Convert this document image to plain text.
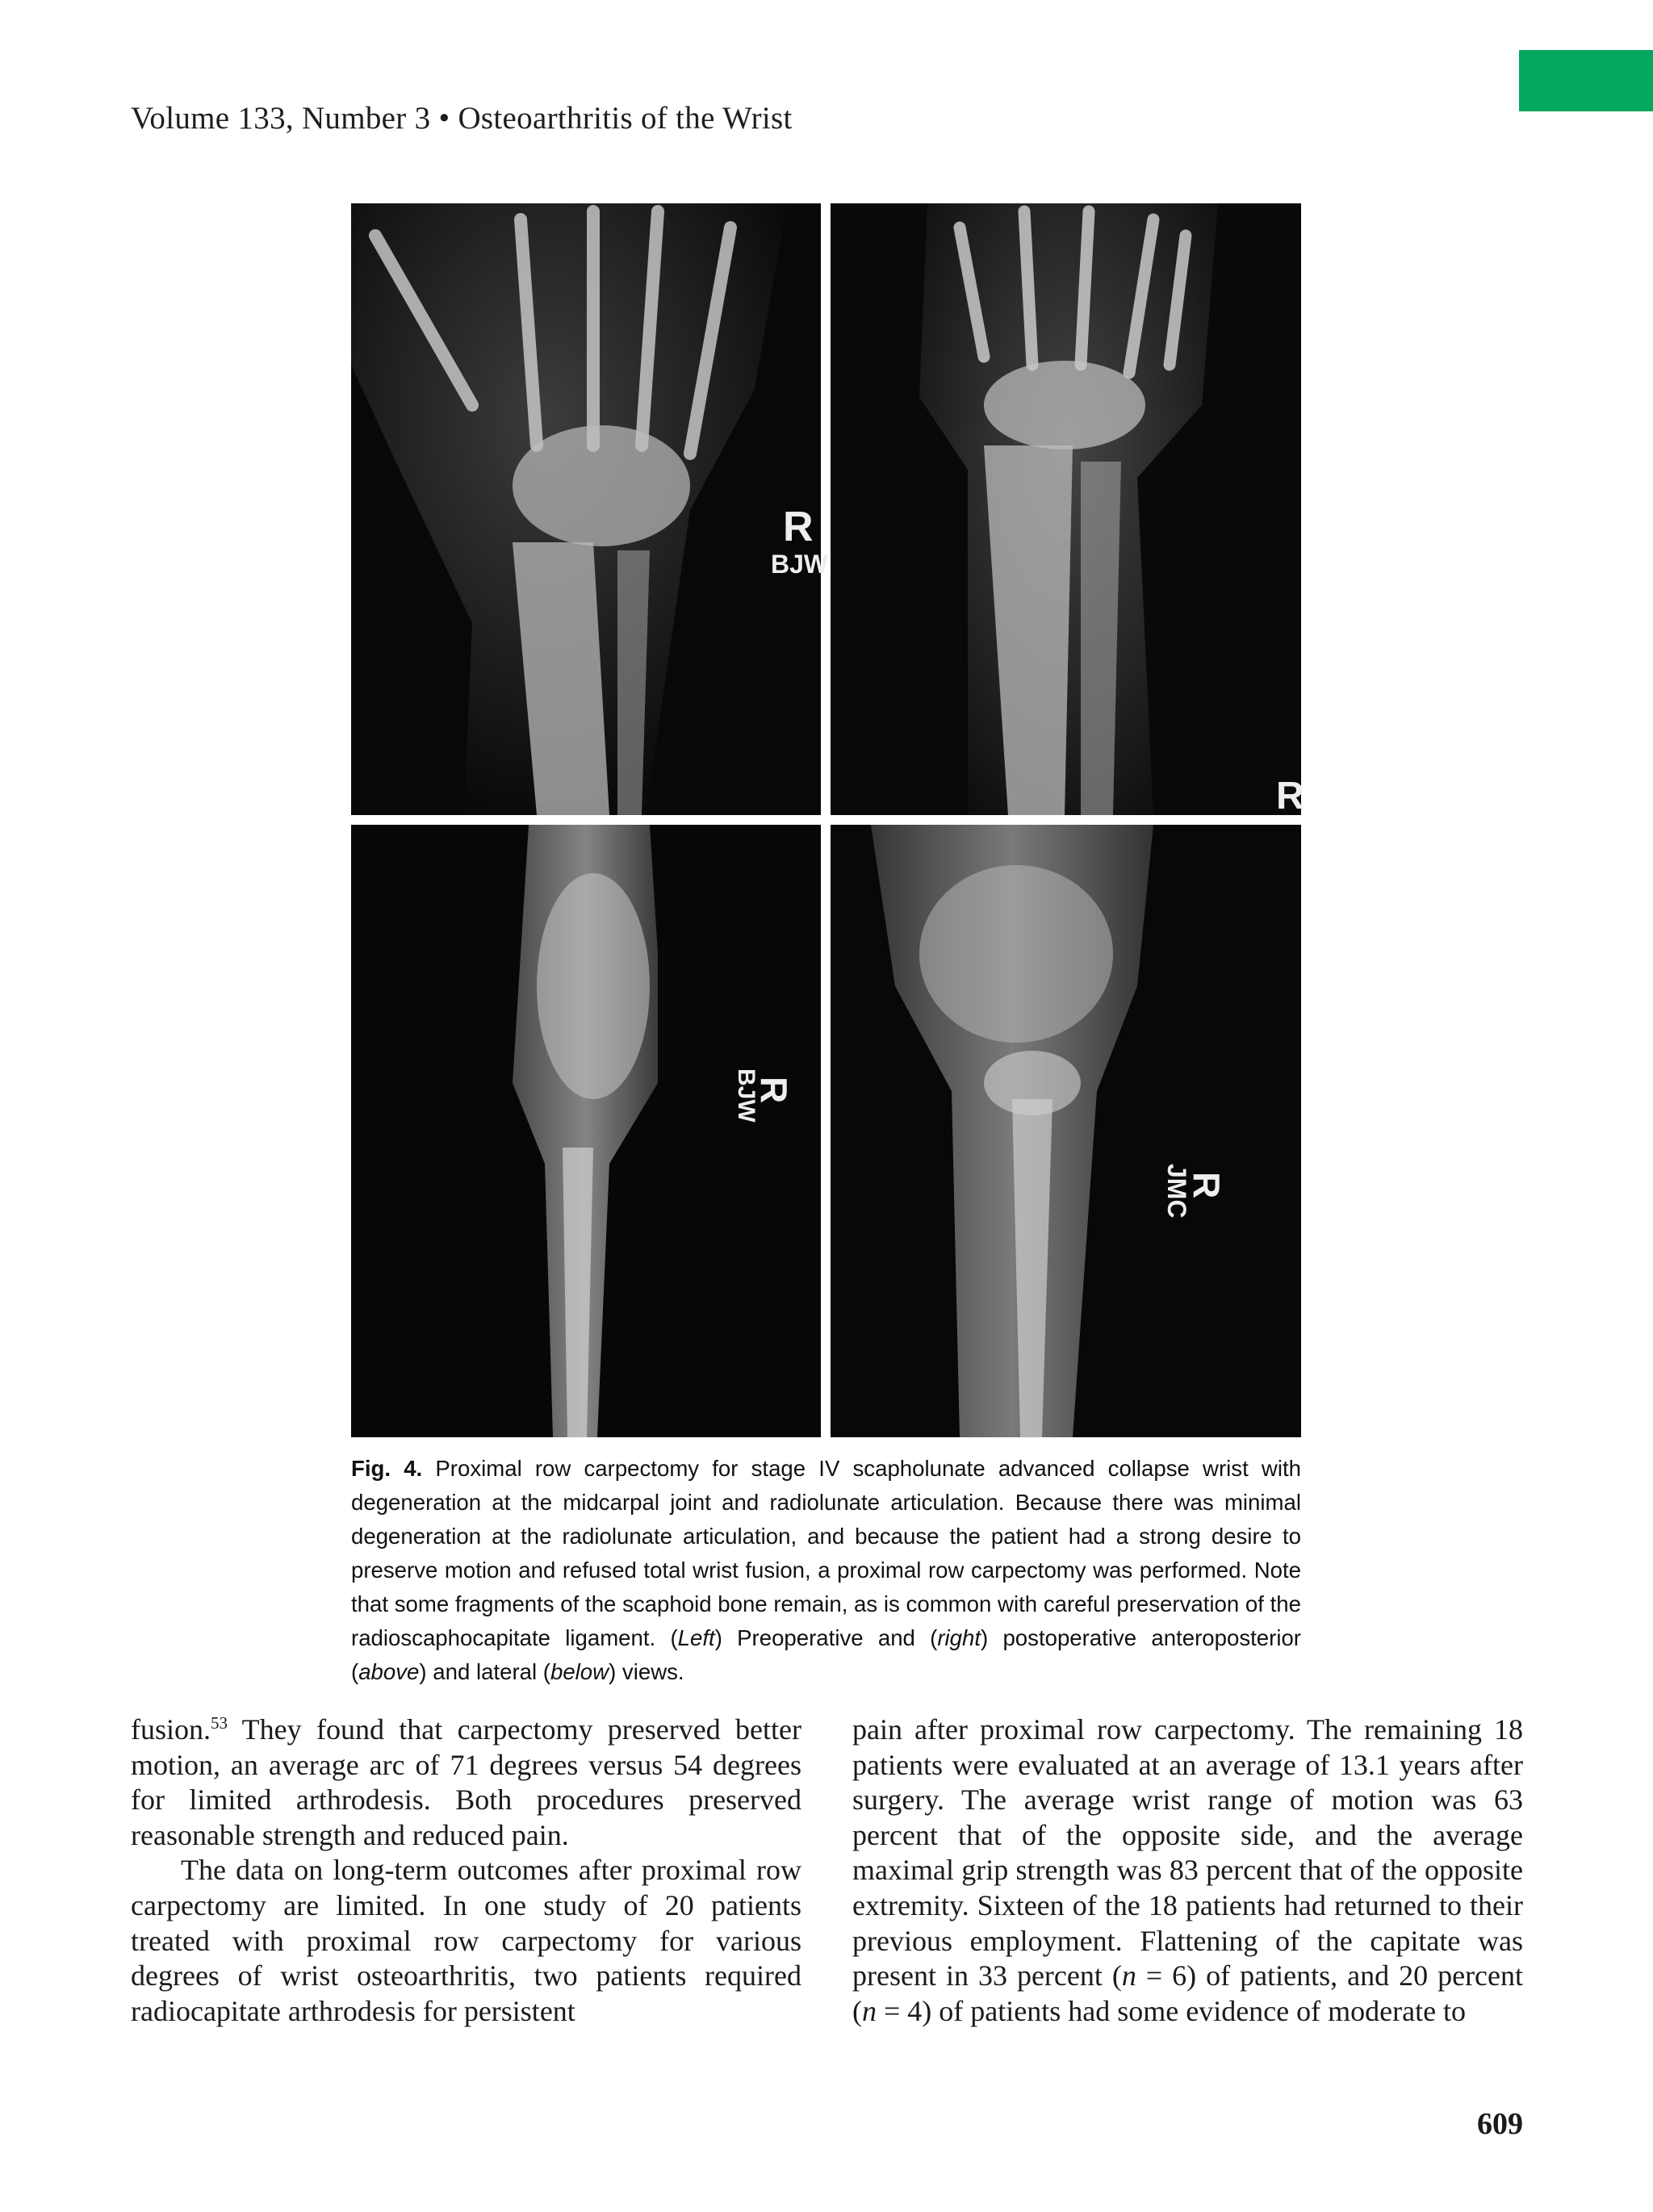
Volume 133, Number 3 • Osteoarthritis of the Wrist
R
BJW
R
R
BJW
R
JMC
Fig. 4. Proximal row carpectomy for stage IV scapholunate advanced collapse wrist with degeneration at the midcarpal joint and radiolunate articulation. Because there was minimal degeneration at the radiolunate articulation, and because the patient had a strong desire to preserve motion and refused total wrist fusion, a proximal row carpectomy was performed. Note that some fragments of the scaphoid bone remain, as is common with careful preservation of the radioscaphocapitate ligament. (Left) Preoperative and (right) postoperative anteroposterior (above) and lateral (below) views.

fusion.$^{53}$ They found that carpectomy preserved better motion, an average arc of 71 degrees versus 54 degrees for limited arthrodesis. Both procedures preserved reasonable strength and reduced pain.

The data on long-term outcomes after proximal row carpectomy are limited. In one study of 20 patients treated with proximal row carpectomy for various degrees of wrist osteoarthritis, two patients required radiocapitate arthrodesis for persistent

pain after proximal row carpectomy. The remaining 18 patients were evaluated at an average of 13.1 years after surgery. The average wrist range of motion was 63 percent that of the opposite side, and the average maximal grip strength was 83 percent that of the opposite extremity. Sixteen of the 18 patients had returned to their previous employment. Flattening of the capitate was present in 33 percent (n = 6) of patients, and 20 percent (n = 4) of patients had some evidence of moderate to

609
